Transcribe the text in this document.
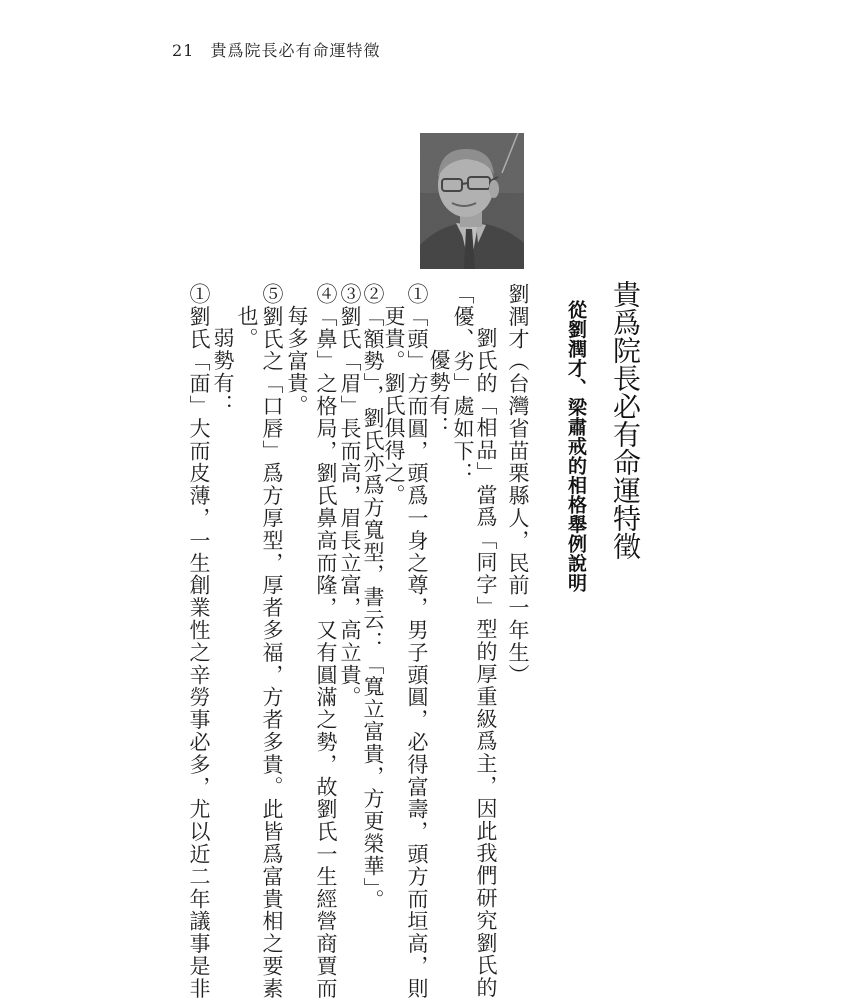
21 貴爲院長必有命運特徵
貴爲院長必有命運特徵
從劉潤才、梁肅戒的相格舉例說明
劉潤才（台灣省苗栗縣人，民前一年生）
劉氏的「相品」當爲「同字」型的厚重級爲主，因此我們研究劉氏的
「優、劣」處如下：
優勢有：
①「頭」方而圓，頭爲一身之尊，男子頭圓，必得富壽，頭方而垣高，則
更貴。劉氏俱得之。
②「額勢」，劉氏亦爲方寬型，書云：「寬立富貴，方更榮華」。
③劉氏「眉」長而高，眉長立富，高立貴。
④「鼻」之格局，劉氏鼻高而隆，又有圓滿之勢，故劉氏一生經營商賈而
每多富貴。
⑤劉氏之「口唇」爲方厚型，厚者多福，方者多貴。此皆爲富貴相之要素
也。
弱勢有：
①劉氏「面」大而皮薄，一生創業性之辛勞事必多，尤以近二年議事是非
